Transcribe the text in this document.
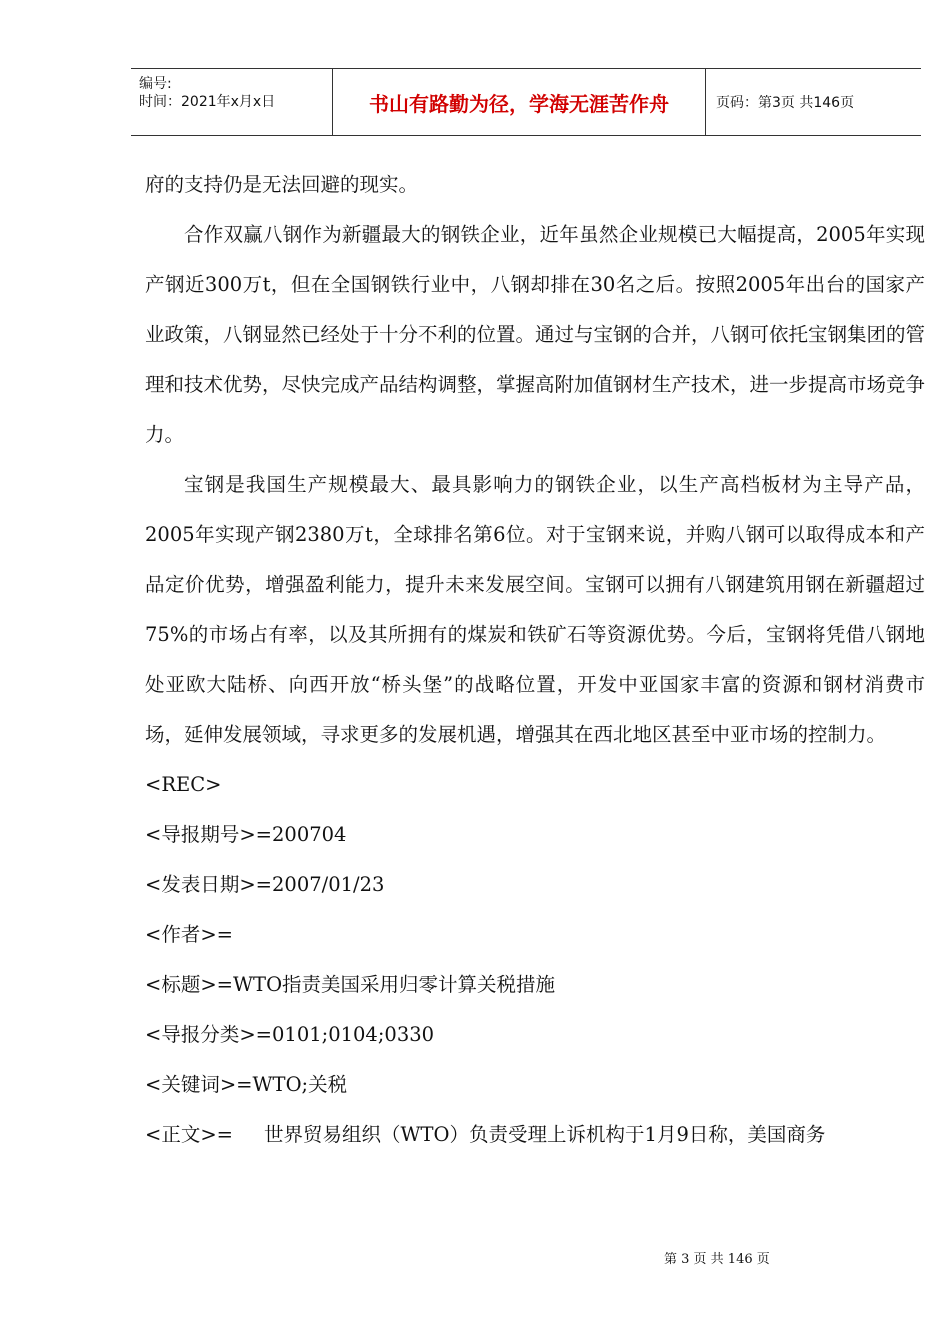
编号:
时间：2021年x月x日	书山有路勤为径，学海无涯苦作舟	页码：第3页 共146页

府的支持仍是无法回避的现实。

合作双赢八钢作为新疆最大的钢铁企业，近年虽然企业规模已大幅提高，2005年实现产钢近300万t，但在全国钢铁行业中，八钢却排在30名之后。按照2005年出台的国家产业政策，八钢显然已经处于十分不利的位置。通过与宝钢的合并，八钢可依托宝钢集团的管理和技术优势，尽快完成产品结构调整，掌握高附加值钢材生产技术，进一步提高市场竞争力。

宝钢是我国生产规模最大、最具影响力的钢铁企业，以生产高档板材为主导产品，2005年实现产钢2380万t，全球排名第6位。对于宝钢来说，并购八钢可以取得成本和产品定价优势，增强盈利能力，提升未来发展空间。宝钢可以拥有八钢建筑用钢在新疆超过75%的市场占有率，以及其所拥有的煤炭和铁矿石等资源优势。今后，宝钢将凭借八钢地处亚欧大陆桥、向西开放“桥头堡”的战略位置，开发中亚国家丰富的资源和钢材消费市场，延伸发展领域，寻求更多的发展机遇，增强其在西北地区甚至中亚市场的控制力。

<REC>

<导报期号>=200704

<发表日期>=2007/01/23

<作者>=

<标题>=WTO指责美国采用归零计算关税措施

<导报分类>=0101;0104;0330

<关键词>=WTO;关税

<正文>=     世界贸易组织（WTO）负责受理上诉机构于1月9日称，美国商务

第 3 页 共 146 页
